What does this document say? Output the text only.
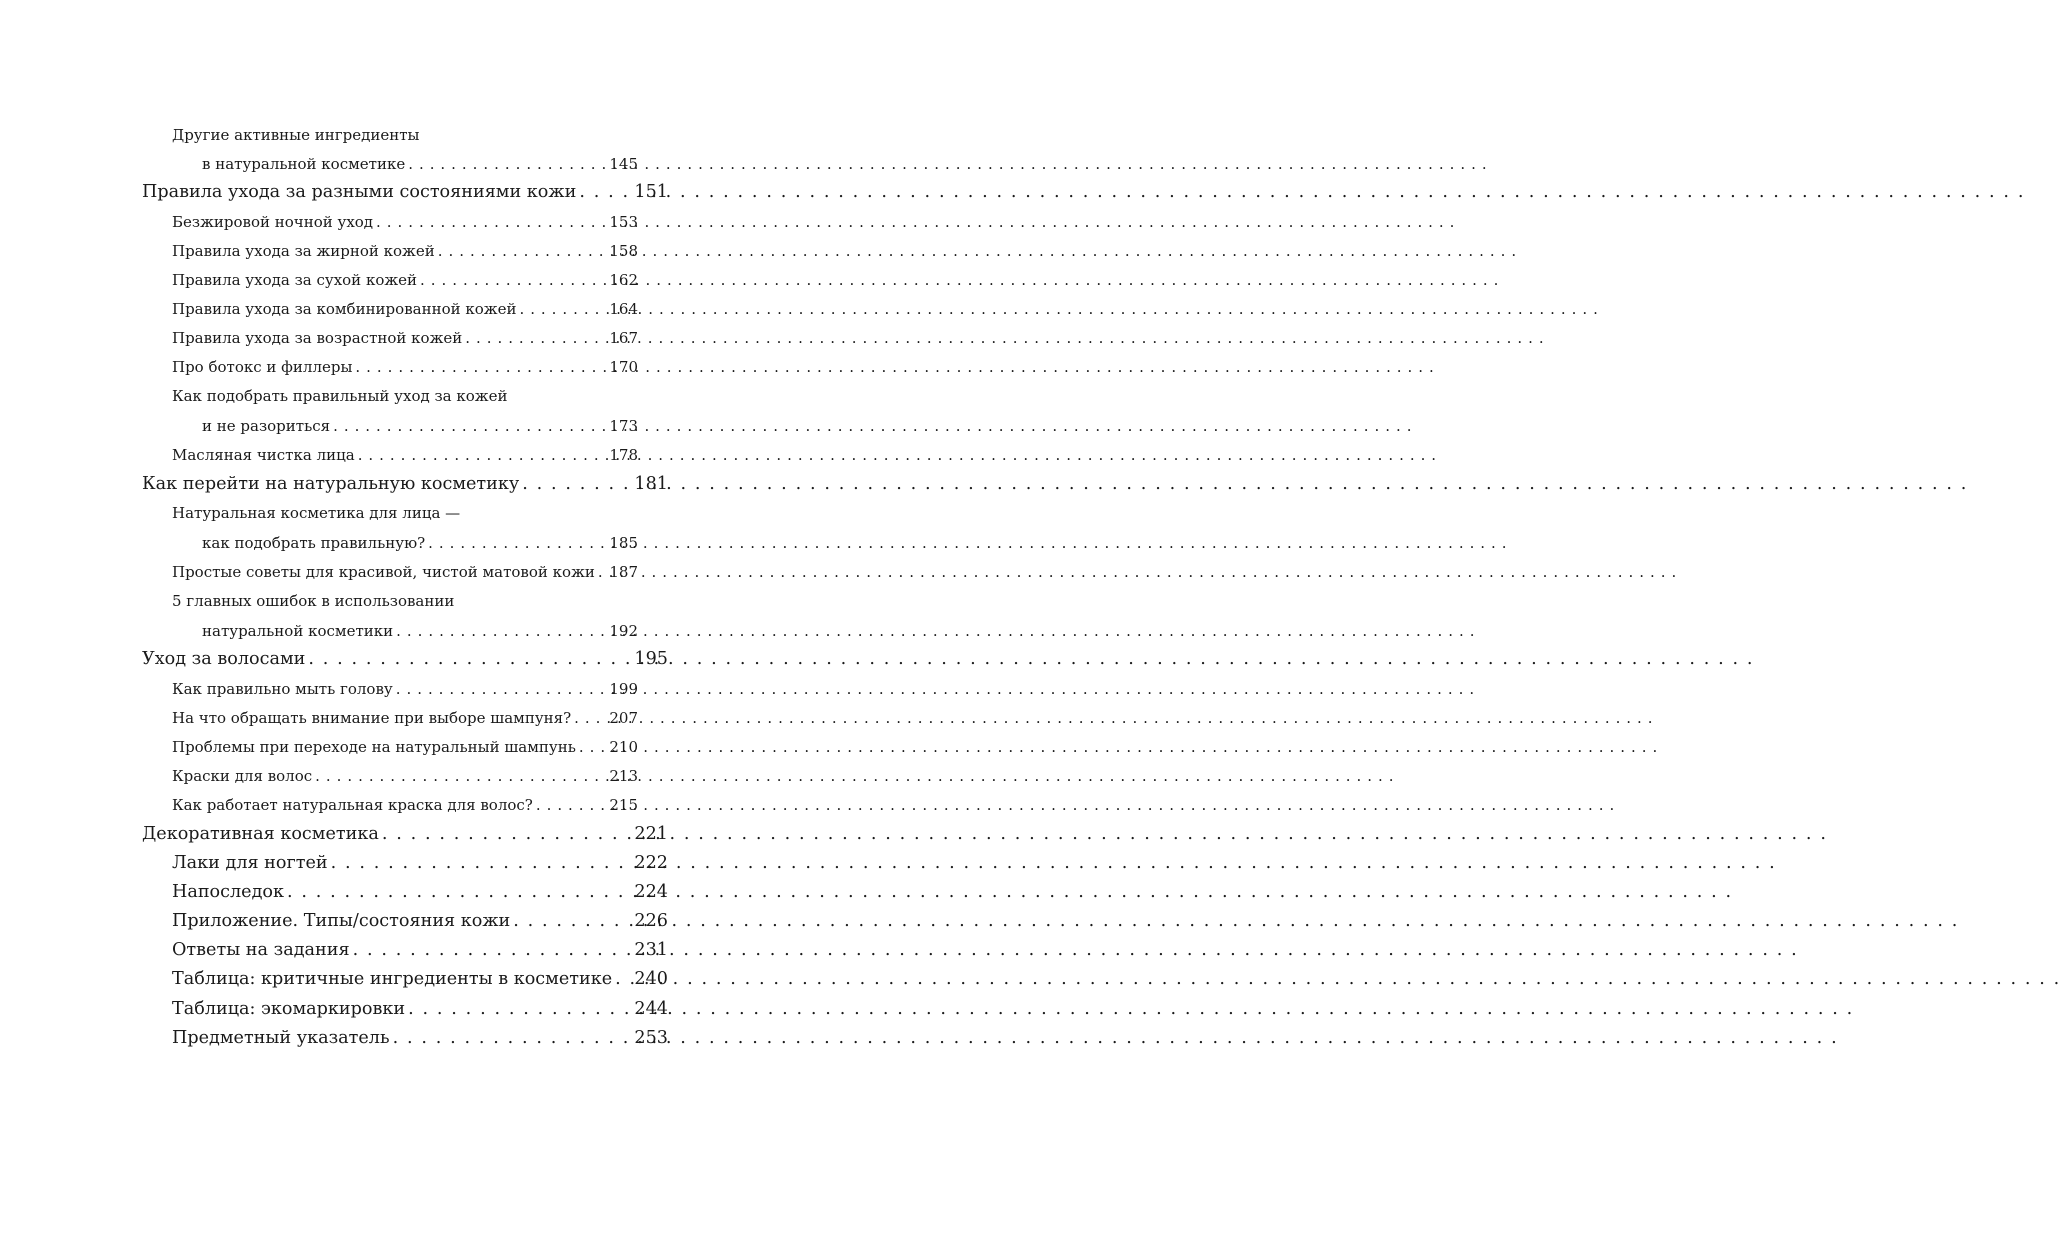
Другие активные ингредиенты
в натуральной косметике . . .	145
Правила ухода за разными состояниями кожи . . .	151
Безжировой ночной уход . . .	153
Правила ухода за жирной кожей . . .	158
Правила ухода за сухой кожей . . .	162
Правила ухода за комбинированной кожей . . .	164
Правила ухода за возрастной кожей . . .	167
Про ботокс и филлеры . . .	170
Как подобрать правильный уход за кожей
и не разориться . . .	173
Масляная чистка лица . . .	178
Как перейти на натуральную косметику . . .	181
Натуральная косметика для лица —
как подобрать правильную? . . .	185
Простые советы для красивой, чистой матовой кожи . . . 187
5 главных ошибок в использовании
натуральной косметики . . .	192
Уход за волосами . . .	195
Как правильно мыть голову . . .	199
На что обращать внимание при выборе шампуня? . . .	207
Проблемы при переходе на натуральный шампунь . . . 210
Краски для волос . . .	213
Как работает натуральная краска для волос? . . .	215
Декоративная косметика . . .	221
Лаки для ногтей . . .	222
Напоследок . . .	224
Приложение. Типы/состояния кожи . . .	226
Ответы на задания . . .	231
Таблица: критичные ингредиенты в косметике . . . 240
Таблица: экомаркировки . . .	244
Предметный указатель . . .	253
